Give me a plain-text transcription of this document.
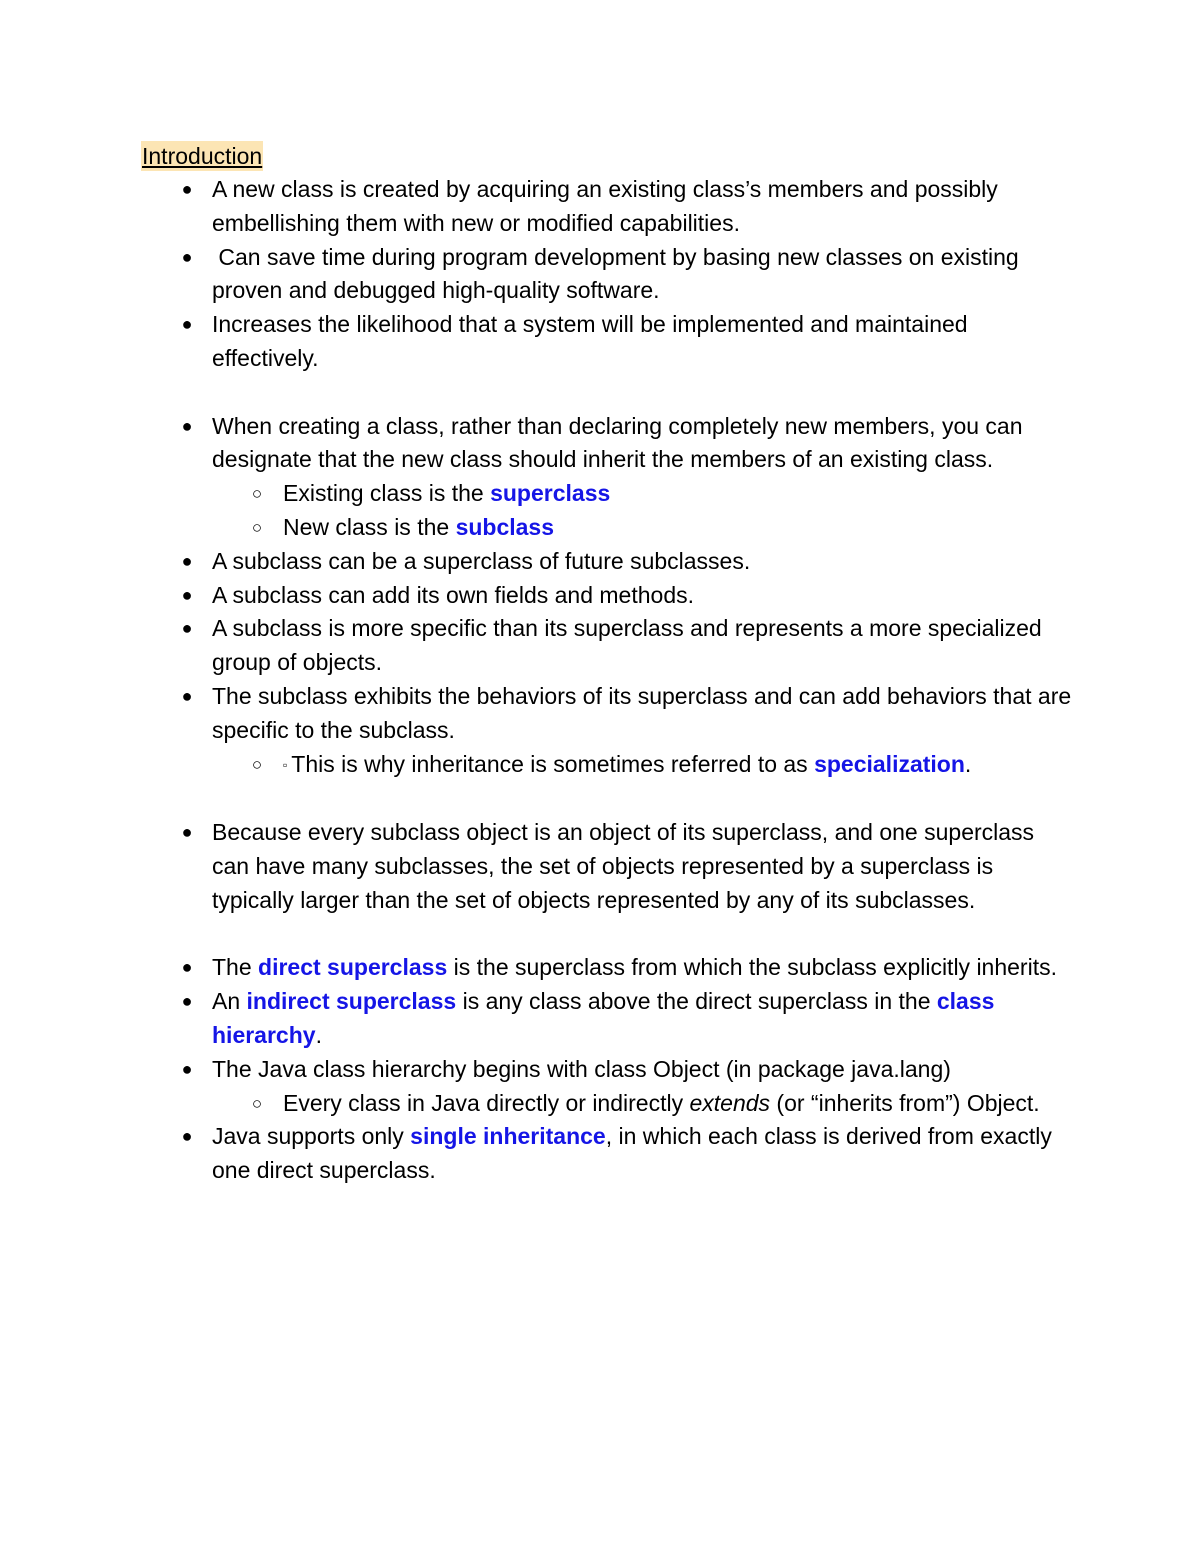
Introduction
● A new class is created by acquiring an existing class’s members and possibly embellishing them with new or modified capabilities.
● Can save time during program development by basing new classes on existing proven and debugged high-quality software.
● Increases the likelihood that a system will be implemented and maintained effectively.
● When creating a class, rather than declaring completely new members, you can designate that the new class should inherit the members of an existing class.
○ Existing class is the superclass
○ New class is the subclass
● A subclass can be a superclass of future subclasses.
● A subclass can add its own fields and methods.
● A subclass is more specific than its superclass and represents a more specialized group of objects.
● The subclass exhibits the behaviors of its superclass and can add behaviors that are specific to the subclass.
○	▫ This is why inheritance is sometimes referred to as specialization.
● Because every subclass object is an object of its superclass, and one superclass can have many subclasses, the set of objects represented by a superclass is typically larger than the set of objects represented by any of its subclasses.
● The direct superclass is the superclass from which the subclass explicitly inherits.
● An indirect superclass is any class above the direct superclass in the class hierarchy.
● The Java class hierarchy begins with class Object (in package java.lang)
○ Every class in Java directly or indirectly extends (or “inherits from”) Object.
● Java supports only single inheritance, in which each class is derived from exactly one direct superclass.
